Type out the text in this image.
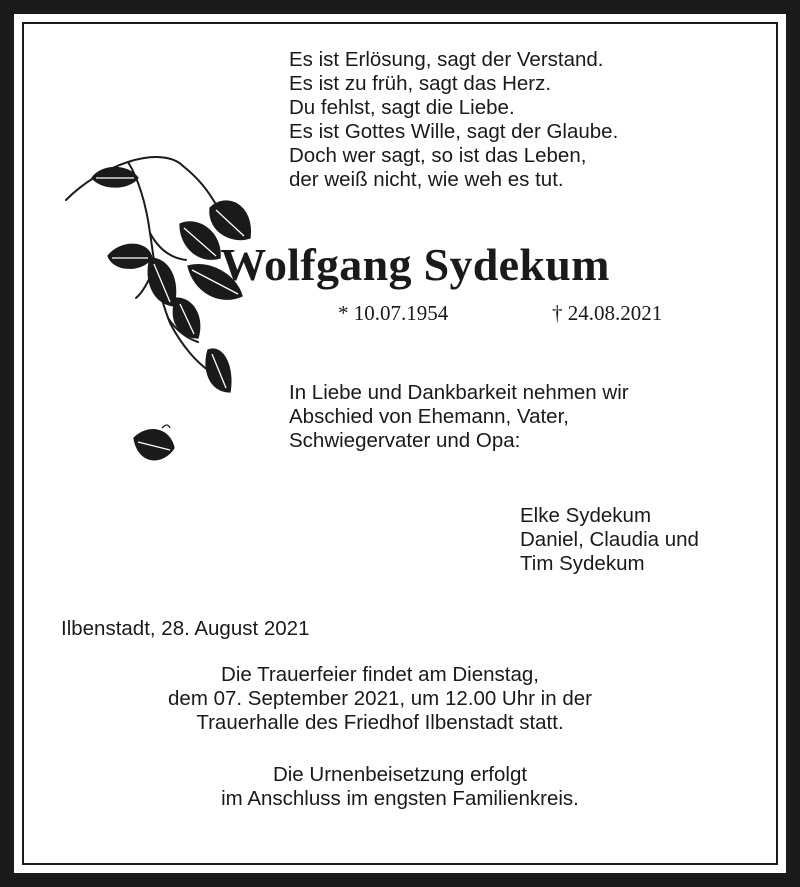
Es ist Erlösung, sagt der Verstand.
Es ist zu früh, sagt das Herz.
Du fehlst, sagt die Liebe.
Es ist Gottes Wille, sagt der Glaube.
Doch wer sagt, so ist das Leben,
der weiß nicht, wie weh es tut.

Wolfgang Sydekum

* 10.07.1954	† 24.08.2021

In Liebe und Dankbarkeit nehmen wir
Abschied von Ehemann, Vater,
Schwiegervater und Opa:

Elke Sydekum
Daniel, Claudia und
Tim Sydekum

Ilbenstadt, 28. August 2021

Die Trauerfeier findet am Dienstag,
dem 07. September 2021, um 12.00 Uhr in der
Trauerhalle des Friedhof Ilbenstadt statt.

Die Urnenbeisetzung erfolgt
im Anschluss im engsten Familienkreis.
